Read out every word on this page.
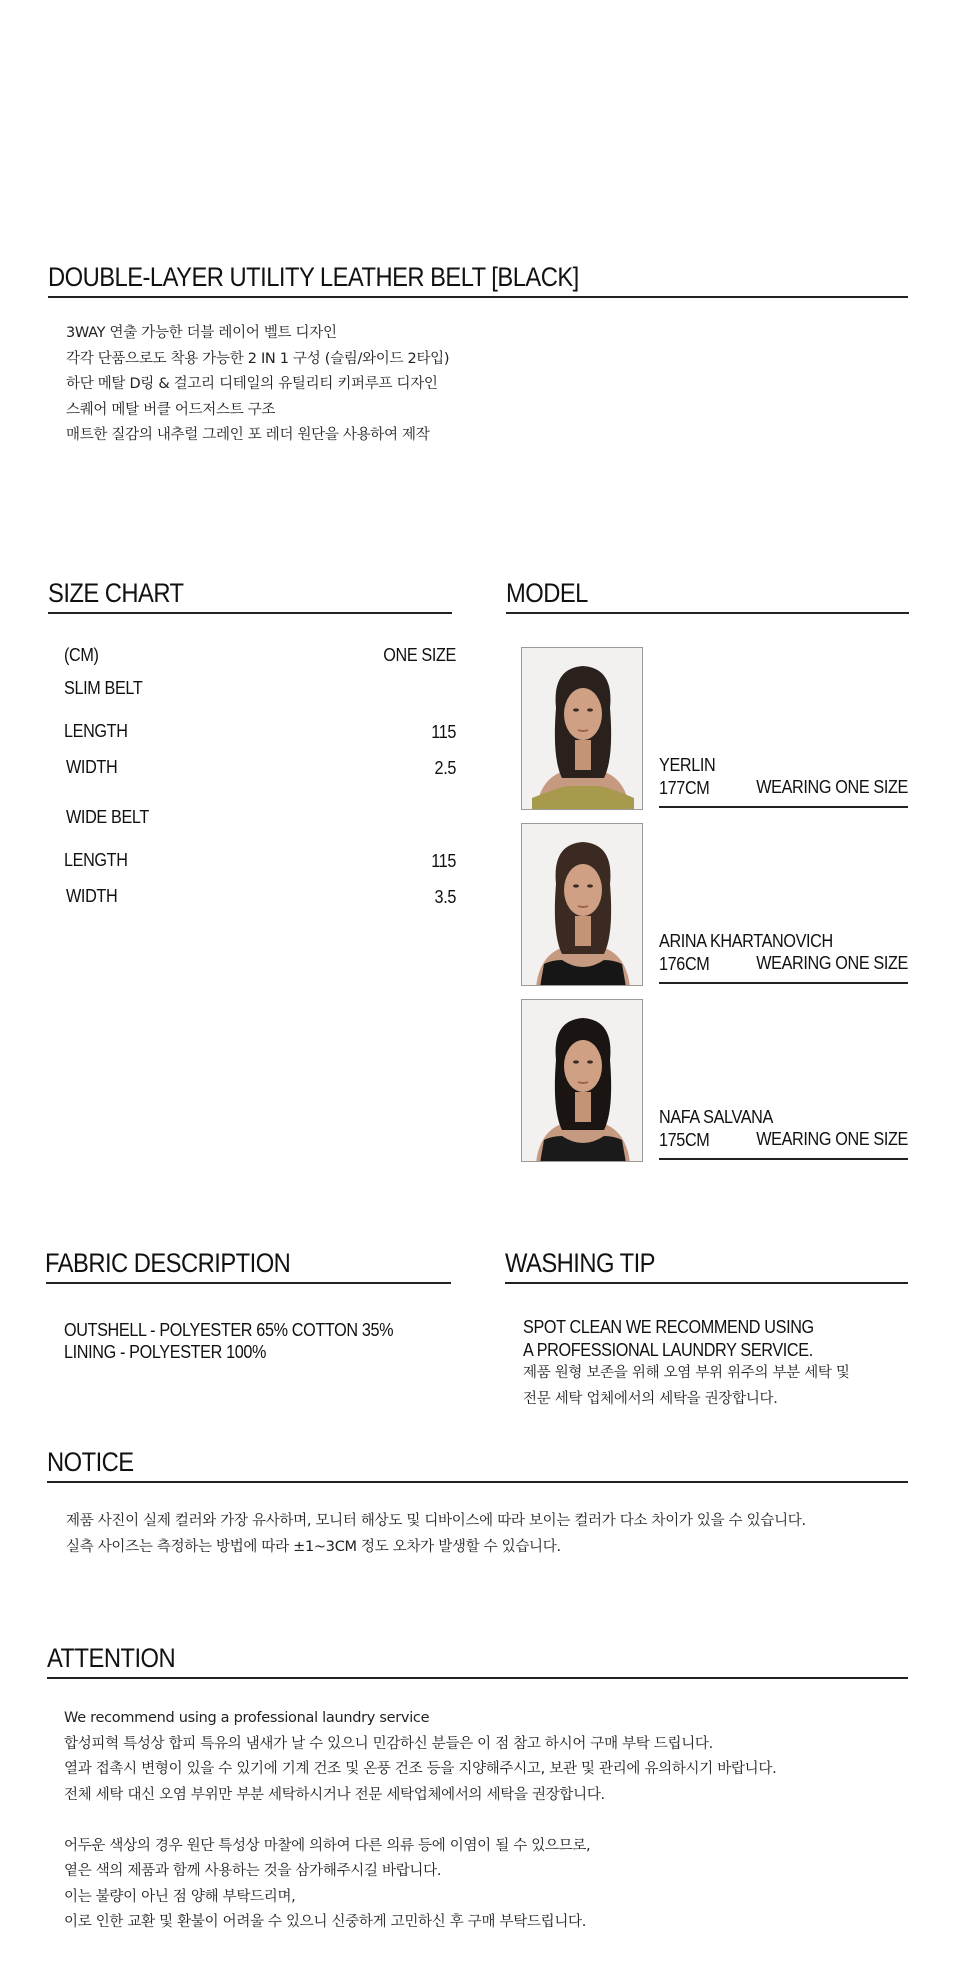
DOUBLE-LAYER UTILITY LEATHER BELT [BLACK]
3WAY 연출 가능한 더블 레이어 벨트 디자인
각각 단품으로도 착용 가능한 2 IN 1 구성 (슬림/와이드 2타입)
하단 메탈 D링 & 걸고리 디테일의 유틸리티 키퍼루프 디자인
스퀘어 메탈 버클 어드저스트 구조
매트한 질감의 내추럴 그레인 포 레더 원단을 사용하여 제작
SIZE CHART
(CM)	ONE SIZE
SLIM BELT
LENGTH	115
WIDTH	2.5
WIDE BELT
LENGTH	115
WIDTH	3.5
MODEL
YERLIN
177CM	WEARING ONE SIZE
ARINA KHARTANOVICH
176CM	WEARING ONE SIZE
NAFA SALVANA
175CM	WEARING ONE SIZE
FABRIC DESCRIPTION
OUTSHELL - POLYESTER 65% COTTON 35%
LINING - POLYESTER 100%
WASHING TIP
SPOT CLEAN WE RECOMMEND USING
A PROFESSIONAL LAUNDRY SERVICE.
제품 원형 보존을 위해 오염 부위 위주의 부분 세탁 및
전문 세탁 업체에서의 세탁을 권장합니다.
NOTICE
제품 사진이 실제 컬러와 가장 유사하며, 모니터 해상도 및 디바이스에 따라 보이는 컬러가 다소 차이가 있을 수 있습니다.
실측 사이즈는 측정하는 방법에 따라 ±1~3CM 정도 오차가 발생할 수 있습니다.
ATTENTION
We recommend using a professional laundry service
합성피혁 특성상 합피 특유의 냄새가 날 수 있으니 민감하신 분들은 이 점 참고 하시어 구매 부탁 드립니다.
열과 접촉시 변형이 있을 수 있기에 기계 건조 및 온풍 건조 등을 지양해주시고, 보관 및 관리에 유의하시기 바랍니다.
전체 세탁 대신 오염 부위만 부분 세탁하시거나 전문 세탁업체에서의 세탁을 권장합니다.
어두운 색상의 경우 원단 특성상 마찰에 의하여 다른 의류 등에 이염이 될 수 있으므로,
옅은 색의 제품과 함께 사용하는 것을 삼가해주시길 바랍니다.
이는 불량이 아닌 점 양해 부탁드리며,
이로 인한 교환 및 환불이 어려울 수 있으니 신중하게 고민하신 후 구매 부탁드립니다.
